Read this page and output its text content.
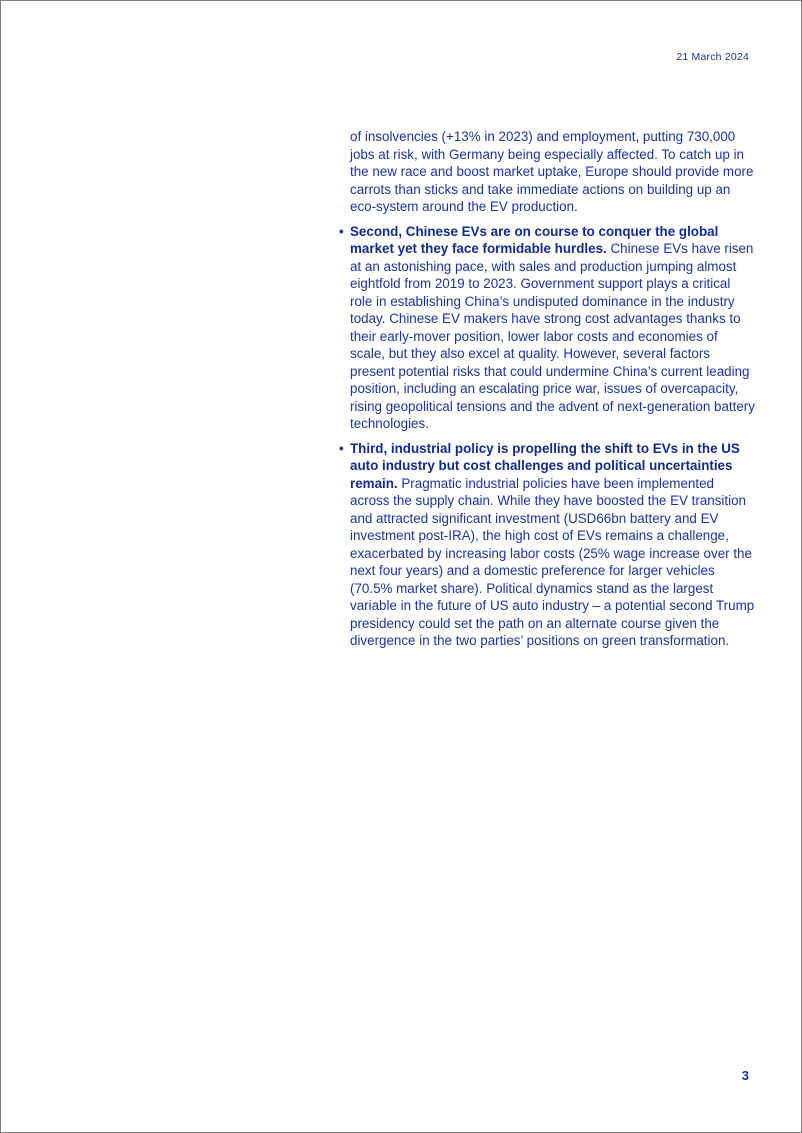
21 March 2024

of insolvencies (+13% in 2023) and employment, putting 730,000 jobs at risk, with Germany being especially affected. To catch up in the new race and boost market uptake, Europe should provide more carrots than sticks and take immediate actions on building up an eco-system around the EV production.

• Second, Chinese EVs are on course to conquer the global market yet they face formidable hurdles. Chinese EVs have risen at an astonishing pace, with sales and production jumping almost eightfold from 2019 to 2023. Government support plays a critical role in establishing China’s undisputed dominance in the industry today. Chinese EV makers have strong cost advantages thanks to their early-mover position, lower labor costs and economies of scale, but they also excel at quality. However, several factors present potential risks that could undermine China’s current leading position, including an escalating price war, issues of overcapacity, rising geopolitical tensions and the advent of next-generation battery technologies.
• Third, industrial policy is propelling the shift to EVs in the US auto industry but cost challenges and political uncertainties remain. Pragmatic industrial policies have been implemented across the supply chain. While they have boosted the EV transition and attracted significant investment (USD66bn battery and EV investment post-IRA), the high cost of EVs remains a challenge, exacerbated by increasing labor costs (25% wage increase over the next four years) and a domestic preference for larger vehicles (70.5% market share). Political dynamics stand as the largest variable in the future of US auto industry – a potential second Trump presidency could set the path on an alternate course given the divergence in the two parties’ positions on green transformation.
3
